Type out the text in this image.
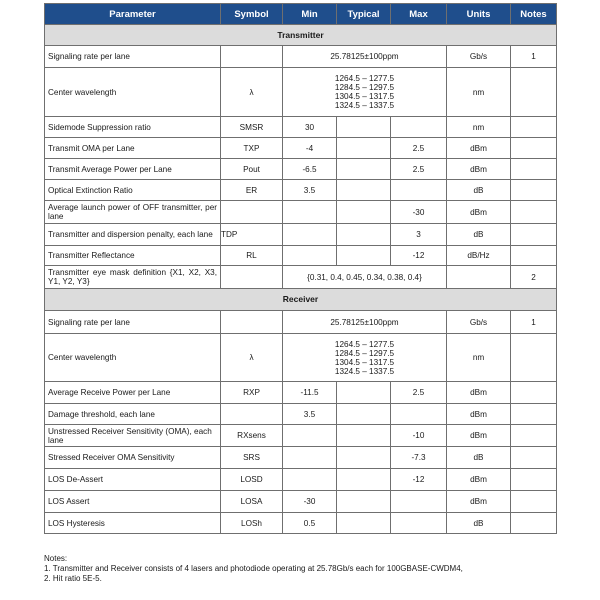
Parameter	Symbol	Min	Typical	Max	Units	Notes
Transmitter						
Signaling rate per lane		25.78125±100ppm			Gb/s	1
Center wavelength	λ	1264.5 – 1277.5
1284.5 – 1297.5
1304.5 – 1317.5
1324.5 – 1337.5			nm	
Sidemode Suppression ratio	SMSR	30			nm	
Transmit OMA per Lane	TXP	-4		2.5	dBm	
Transmit Average Power per Lane	Pout	-6.5		2.5	dBm	
Optical Extinction Ratio	ER	3.5			dB	
Average launch power of OFF transmitter, per lane				-30	dBm	
Transmitter and dispersion penalty, each lane	TDP			3	dB	
Transmitter Reflectance	RL			-12	dB/Hz	
Transmitter eye mask definition {X1, X2, X3, Y1, Y2, Y3}		{0.31, 0.4, 0.45, 0.34, 0.38, 0.4}				2
Receiver						
Signaling rate per lane		25.78125±100ppm			Gb/s	1
Center wavelength	λ	1264.5 – 1277.5
1284.5 – 1297.5
1304.5 – 1317.5
1324.5 – 1337.5			nm	
Average Receive Power per Lane	RXP	-11.5		2.5	dBm	
Damage threshold, each lane		3.5			dBm	
Unstressed Receiver Sensitivity (OMA), each lane	RXsens			-10	dBm	
Stressed Receiver OMA Sensitivity	SRS			-7.3	dB	
LOS De-Assert	LOSD			-12	dBm	
LOS Assert	LOSA	-30			dBm	
LOS Hysteresis	LOSh	0.5			dB	
Notes:
1. Transmitter and Receiver consists of 4 lasers and photodiode operating at 25.78Gb/s each for 100GBASE-CWDM4,
2. Hit ratio 5E-5.
